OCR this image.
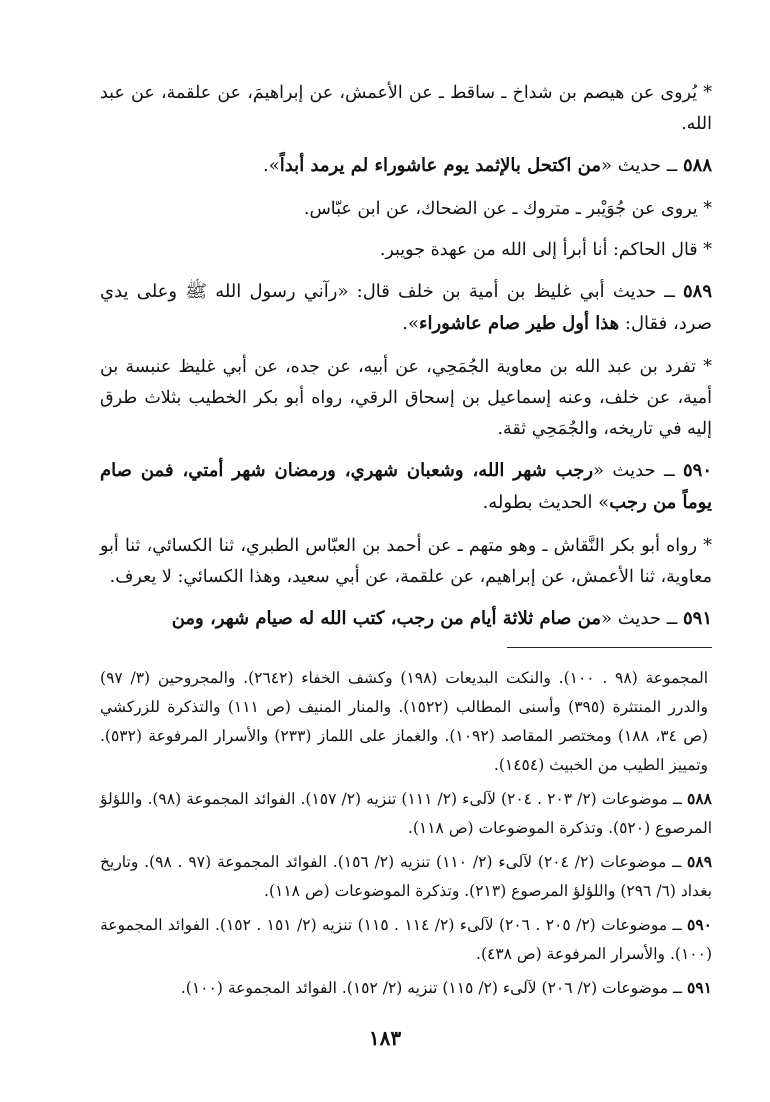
* يُروى عن هيصم بن شداخ ـ ساقط ـ عن الأعمش، عن إبراهيمَ، عن علقمة، عن عبد الله.

٥٨٨ ــ حديث «من اكتحل بالإثمد يوم عاشوراء لم يرمد أبداً».

* يروى عن جُوَيْبر ـ متروك ـ عن الضحاك، عن ابن عبّاس.

* قال الحاكم: أنا أبرأ إلى الله من عهدة جويبر.

٥٨٩ ــ حديث أبي غليظ بن أمية بن خلف قال: «رآني رسول الله ﷺ وعلى يدي صرد، فقال: هذا أول طير صام عاشوراء».

* تفرد بن عبد الله بن معاوية الجُمَحِي، عن أبيه، عن جده، عن أبي غليظ عنبسة بن أمية، عن خلف، وعنه إسماعيل بن إسحاق الرقي، رواه أبو بكر الخطيب بثلاث طرق إليه في تاريخه، والجُمَحِي ثقة.

٥٩٠ ــ حديث «رجب شهر الله، وشعبان شهري، ورمضان شهر أمتي، فمن صام يوماً من رجب» الحديث بطوله.

* رواه أبو بكر النَّقاش ـ وهو متهم ـ عن أحمد بن العبّاس الطبري، ثنا الكسائي، ثنا أبو معاوية، ثنا الأعمش، عن إبراهيم، عن علقمة، عن أبي سعيد، وهذا الكسائي: لا يعرف.

٥٩١ ــ حديث «من صام ثلاثة أيام من رجب، كتب الله له صيام شهر، ومن

المجموعة (٩٨ . ١٠٠). والنكت البديعات (١٩٨) وكشف الخفاء (٢٦٤٢). والمجروحين (٣/ ٩٧) والدرر المنتثرة (٣٩٥) وأسنى المطالب (١٥٢٢). والمنار المنيف (ص ١١١) والتذكرة للزركشي (ص ٣٤، ١٨٨) ومختصر المقاصد (١٠٩٢). والغماز على اللماز (٢٣٣) والأسرار المرفوعة (٥٣٢). وتمييز الطيب من الخبيث (١٤٥٤).

٥٨٨ ــ موضوعات (٢/ ٢٠٣ . ٢٠٤) لآلىء (٢/ ١١١) تنزيه (٢/ ١٥٧). الفوائد المجموعة (٩٨). واللؤلؤ المرصوع (٥٢٠). وتذكرة الموضوعات (ص ١١٨).

٥٨٩ ــ موضوعات (٢/ ٢٠٤) لآلىء (٢/ ١١٠) تنزيه (٢/ ١٥٦). الفوائد المجموعة (٩٧ . ٩٨). وتاريخ بغداد (٦/ ٢٩٦) واللؤلؤ المرصوع (٢١٣). وتذكرة الموضوعات (ص ١١٨).

٥٩٠ ــ موضوعات (٢/ ٢٠٥ . ٢٠٦) لآلىء (٢/ ١١٤ . ١١٥) تنزيه (٢/ ١٥١ . ١٥٢). الفوائد المجموعة (١٠٠). والأسرار المرفوعة (ص ٤٣٨).

٥٩١ ــ موضوعات (٢/ ٢٠٦) لآلىء (٢/ ١١٥) تنزيه (٢/ ١٥٢). الفوائد المجموعة (١٠٠).

١٨٣
